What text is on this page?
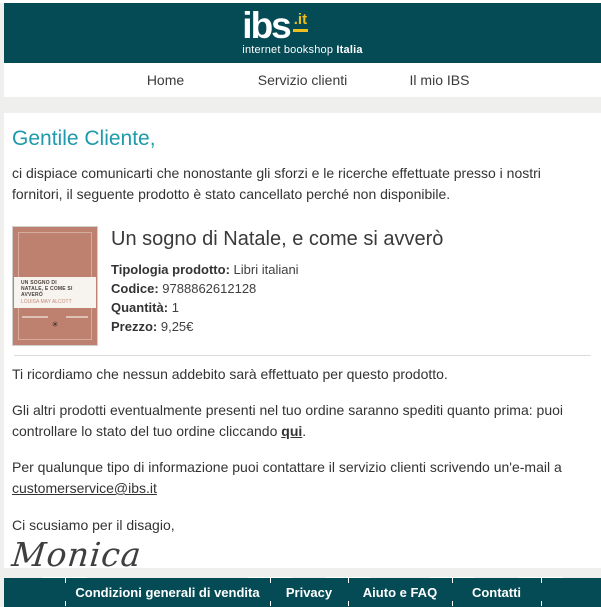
ibs .it
internet bookshop Italia
Home	Servizio clienti	Il mio IBS
Gentile Cliente,

ci dispiace comunicarti che nonostante gli sforzi e le ricerche effettuate presso i nostri fornitori, il seguente prodotto è stato cancellato perché non disponibile.

UN SOGNO DI NATALE, E COME SI AVVERÒ
LOUISA MAY ALCOTT
✳
Un sogno di Natale, e come si avverò
Tipologia prodotto: Libri italiani
Codice: 9788862612128
Quantità: 1
Prezzo: 9,25€

Ti ricordiamo che nessun addebito sarà effettuato per questo prodotto.

Gli altri prodotti eventualmente presenti nel tuo ordine saranno spediti quanto prima: puoi controllare lo stato del tuo ordine cliccando qui.

Per qualunque tipo di informazione puoi contattare il servizio clienti scrivendo un'e-mail a
customerservice@ibs.it

Ci scusiamo per il disagio,

Monica
Condizioni generali di vendita	Privacy	Aiuto e FAQ	Contatti
